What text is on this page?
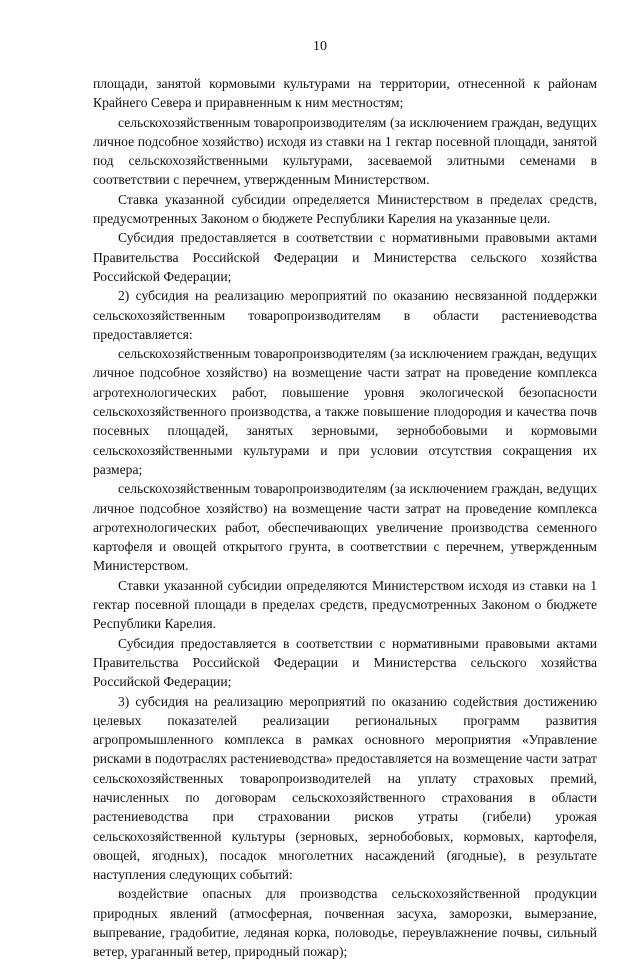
10

площади, занятой кормовыми культурами на территории, отнесенной к районам Крайнего Севера и приравненным к ним местностям;

сельскохозяйственным товаропроизводителям (за исключением граждан, ведущих личное подсобное хозяйство) исходя из ставки на 1 гектар посевной площади, занятой под сельскохозяйственными культурами, засеваемой элитными семенами в соответствии с перечнем, утвержденным Министерством.

Ставка указанной субсидии определяется Министерством в пределах средств, предусмотренных Законом о бюджете Республики Карелия на указанные цели.

Субсидия предоставляется в соответствии с нормативными правовыми актами Правительства Российской Федерации и Министерства сельского хозяйства Российской Федерации;

2) субсидия на реализацию мероприятий по оказанию несвязанной поддержки сельскохозяйственным товаропроизводителям в области растениеводства предоставляется:

сельскохозяйственным товаропроизводителям (за исключением граждан, ведущих личное подсобное хозяйство) на возмещение части затрат на проведение комплекса агротехнологических работ, повышение уровня экологической безопасности сельскохозяйственного производства, а также повышение плодородия и качества почв посевных площадей, занятых зерновыми, зернобобовыми и кормовыми сельскохозяйственными культурами и при условии отсутствия сокращения их размера;

сельскохозяйственным товаропроизводителям (за исключением граждан, ведущих личное подсобное хозяйство) на возмещение части затрат на проведение комплекса агротехнологических работ, обеспечивающих увеличение производства семенного картофеля и овощей открытого грунта, в соответствии с перечнем, утвержденным Министерством.

Ставки указанной субсидии определяются Министерством исходя из ставки на 1 гектар посевной площади в пределах средств, предусмотренных Законом о бюджете Республики Карелия.

Субсидия предоставляется в соответствии с нормативными правовыми актами Правительства Российской Федерации и Министерства сельского хозяйства Российской Федерации;

3) субсидия на реализацию мероприятий по оказанию содействия достижению целевых показателей реализации региональных программ развития агропромышленного комплекса в рамках основного мероприятия «Управление рисками в подотраслях растениеводства» предоставляется на возмещение части затрат сельскохозяйственных товаропроизводителей на уплату страховых премий, начисленных по договорам сельскохозяйственного страхования в области растениеводства при страховании рисков утраты (гибели) урожая сельскохозяйственной культуры (зерновых, зернобобовых, кормовых, картофеля, овощей, ягодных), посадок многолетних насаждений (ягодные), в результате наступления следующих событий:

воздействие опасных для производства сельскохозяйственной продукции природных явлений (атмосферная, почвенная засуха, заморозки, вымерзание, выпревание, градобитие, ледяная корка, половодье, переувлажнение почвы, сильный ветер, ураганный ветер, природный пожар);
